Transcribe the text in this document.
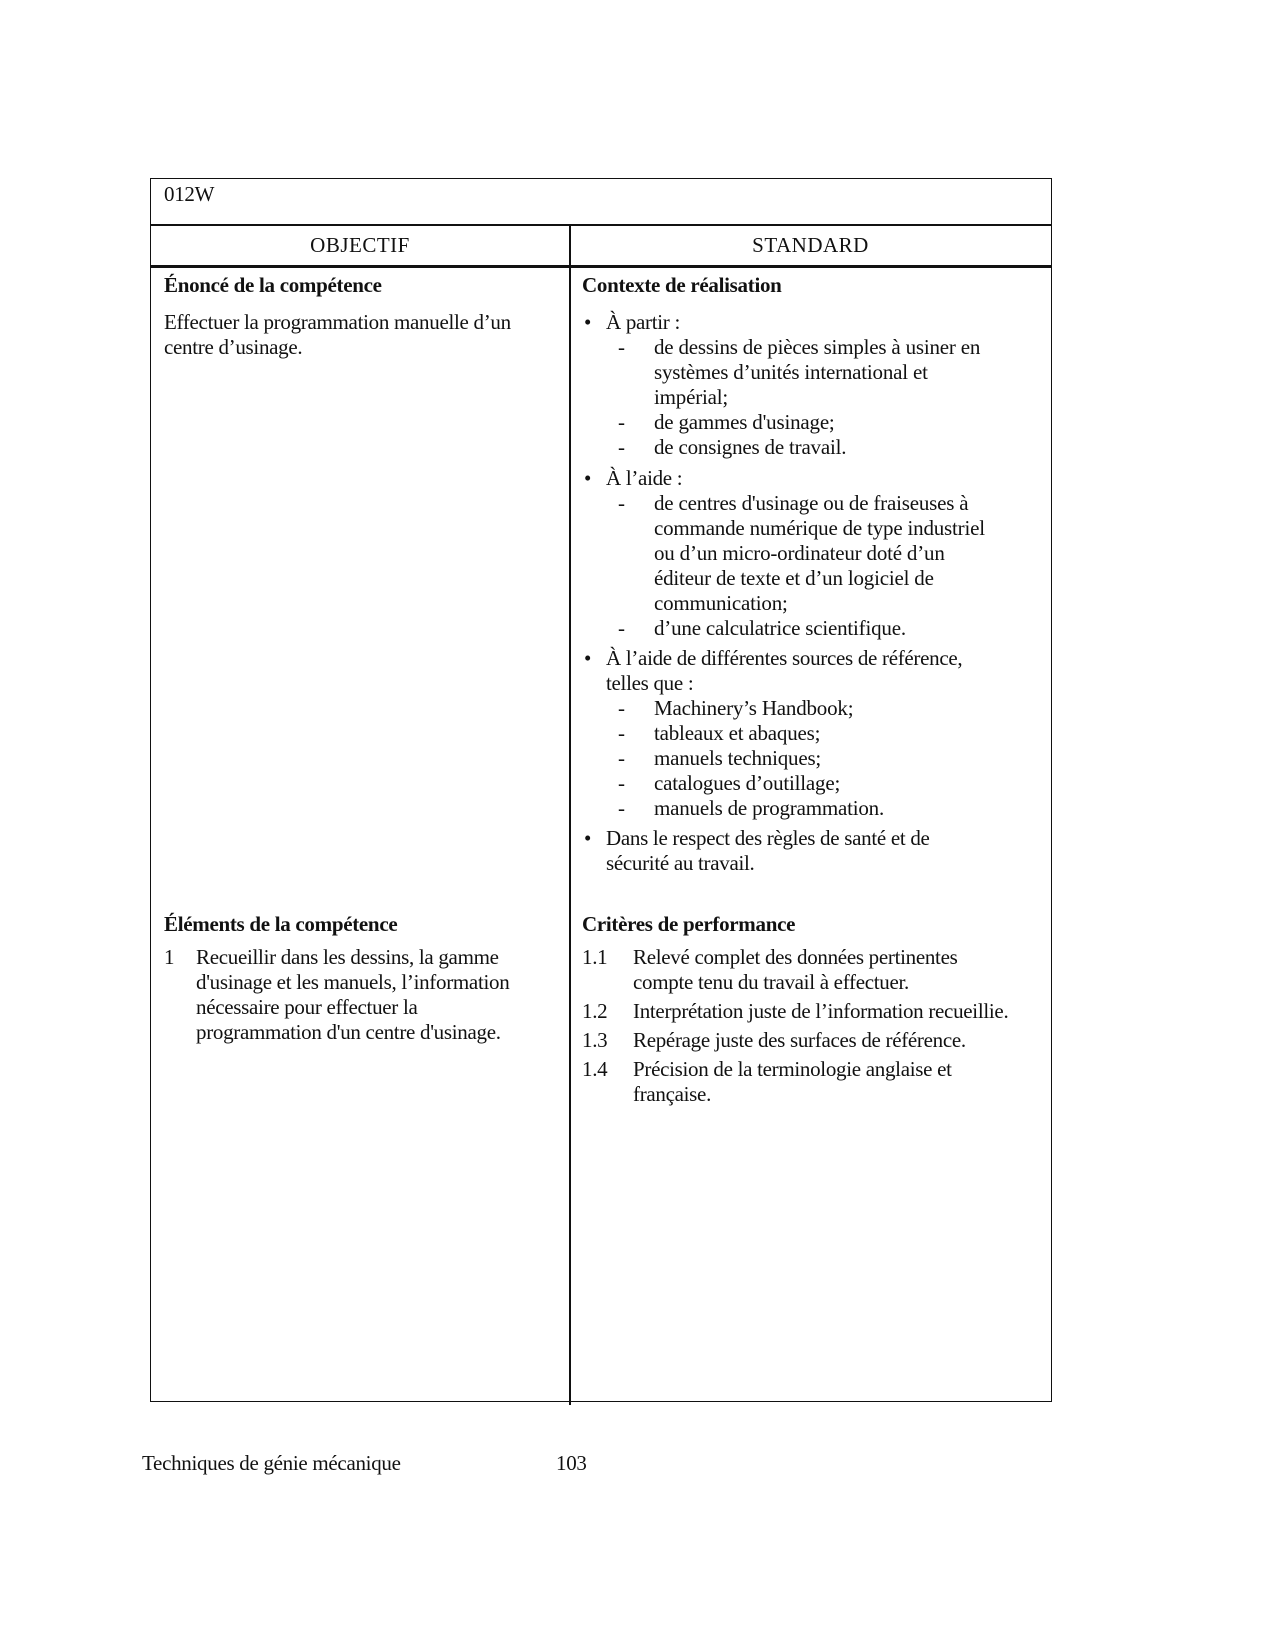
012W
OBJECTIF	STANDARD
Énoncé de la compétence
Effectuer la programmation manuelle d’un
centre d’usinage.
Contexte de réalisation
• À partir :
- de dessins de pièces simples à usiner en
systèmes d’unités international et
impérial;
- de gammes d'usinage;
- de consignes de travail.
• À l’aide :
- de centres d'usinage ou de fraiseuses à
commande numérique de type industriel
ou d’un micro-ordinateur doté d’un
éditeur de texte et d’un logiciel de
communication;
- d’une calculatrice scientifique.
• À l’aide de différentes sources de référence,
telles que :
- Machinery’s Handbook;
- tableaux et abaques;
- manuels techniques;
- catalogues d’outillage;
- manuels de programmation.
• Dans le respect des règles de santé et de
sécurité au travail.
Éléments de la compétence
1 Recueillir dans les dessins, la gamme
d'usinage et les manuels, l’information
nécessaire pour effectuer la
programmation d'un centre d'usinage.
Critères de performance
1.1 Relevé complet des données pertinentes
compte tenu du travail à effectuer.
1.2 Interprétation juste de l’information recueillie.
1.3 Repérage juste des surfaces de référence.
1.4 Précision de la terminologie anglaise et
française.
Techniques de génie mécanique	103
